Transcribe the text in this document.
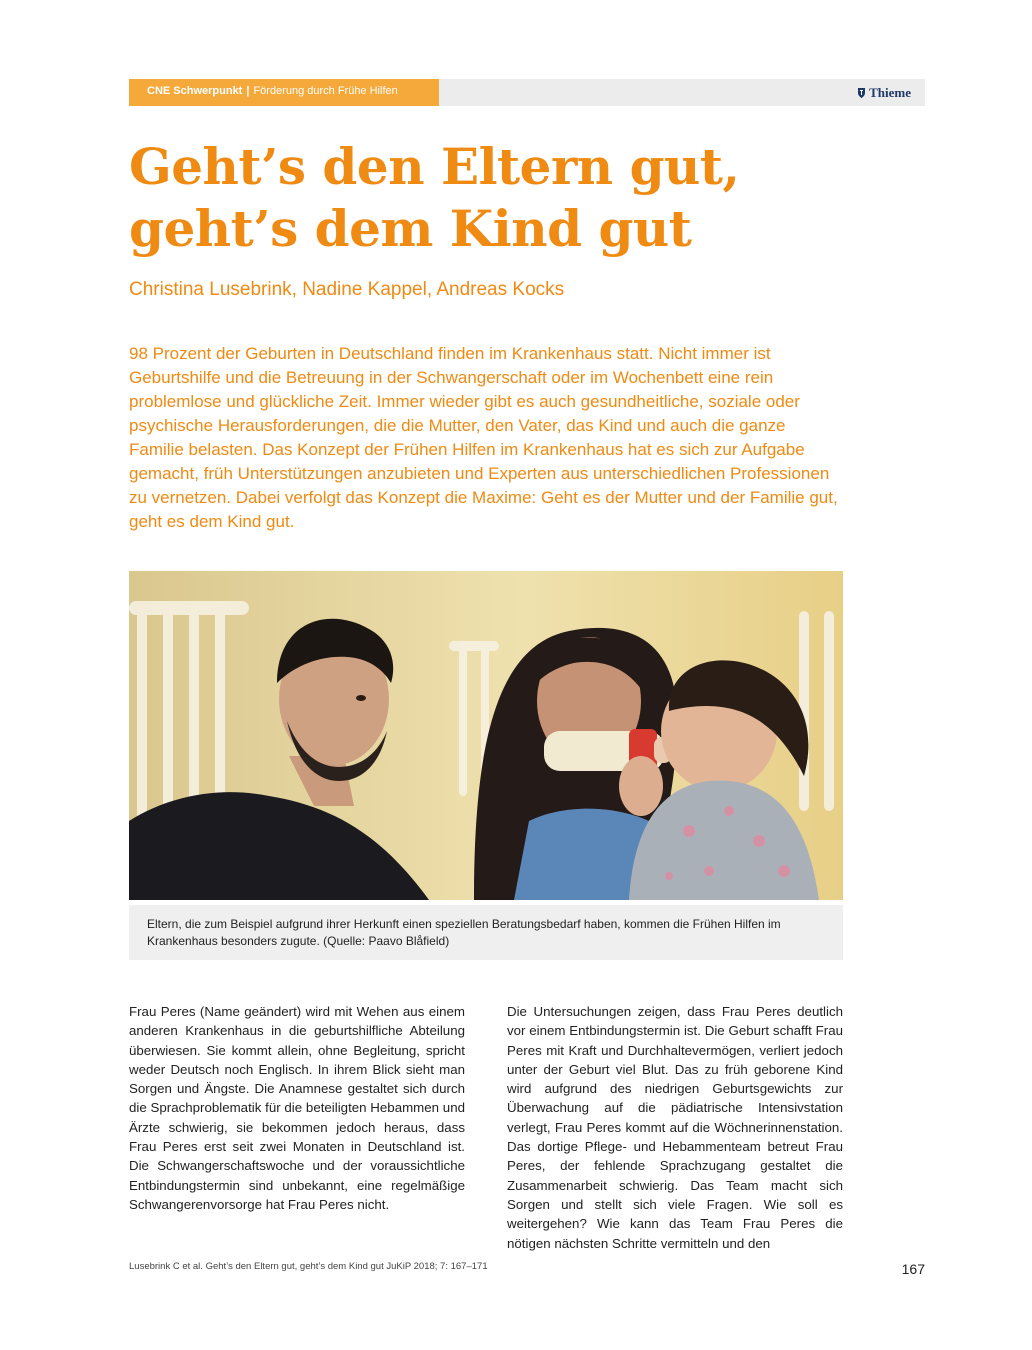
CNE Schwerpunkt | Förderung durch Frühe Hilfen	Thieme
Geht’s den Eltern gut, geht’s dem Kind gut

Christina Lusebrink, Nadine Kappel, Andreas Kocks

98 Prozent der Geburten in Deutschland finden im Krankenhaus statt. Nicht immer ist Geburtshilfe und die Betreuung in der Schwangerschaft oder im Wochenbett eine rein problemlose und glückliche Zeit. Immer wieder gibt es auch gesundheitliche, soziale oder psychische Herausforderungen, die die Mutter, den Vater, das Kind und auch die ganze Familie belasten. Das Konzept der Frühen Hilfen im Krankenhaus hat es sich zur Aufgabe gemacht, früh Unterstützungen anzubieten und Experten aus unterschiedlichen Professionen zu vernetzen. Dabei verfolgt das Konzept die Maxime: Geht es der Mutter und der Familie gut, geht es dem Kind gut.

Eltern, die zum Beispiel aufgrund ihrer Herkunft einen speziellen Beratungsbedarf haben, kommen die Frühen Hilfen im Krankenhaus besonders zugute. (Quelle: Paavo Blåfield)

Frau Peres (Name geändert) wird mit Wehen aus einem anderen Krankenhaus in die geburtshilfliche Abteilung überwiesen. Sie kommt allein, ohne Begleitung, spricht weder Deutsch noch Englisch. In ihrem Blick sieht man Sorgen und Ängste. Die Anamnese gestaltet sich durch die Sprachproblematik für die beteiligten Hebammen und Ärzte schwierig, sie bekommen jedoch heraus, dass Frau Peres erst seit zwei Monaten in Deutschland ist. Die Schwangerschaftswoche und der voraussichtliche Entbindungstermin sind unbekannt, eine regelmäßige Schwangerenvorsorge hat Frau Peres nicht.

Die Untersuchungen zeigen, dass Frau Peres deutlich vor einem Entbindungstermin ist. Die Geburt schafft Frau Peres mit Kraft und Durchhaltevermögen, verliert jedoch unter der Geburt viel Blut. Das zu früh geborene Kind wird aufgrund des niedrigen Geburtsgewichts zur Überwachung auf die pädiatrische Intensivstation verlegt, Frau Peres kommt auf die Wöchnerinnenstation. Das dortige Pflege- und Hebammenteam betreut Frau Peres, der fehlende Sprachzugang gestaltet die Zusammenarbeit schwierig. Das Team macht sich Sorgen und stellt sich viele Fragen. Wie soll es weitergehen? Wie kann das Team Frau Peres die nötigen nächsten Schritte vermitteln und den

Lusebrink C et al. Geht’s den Eltern gut, geht’s dem Kind gut JuKiP 2018; 7: 167–171	167
